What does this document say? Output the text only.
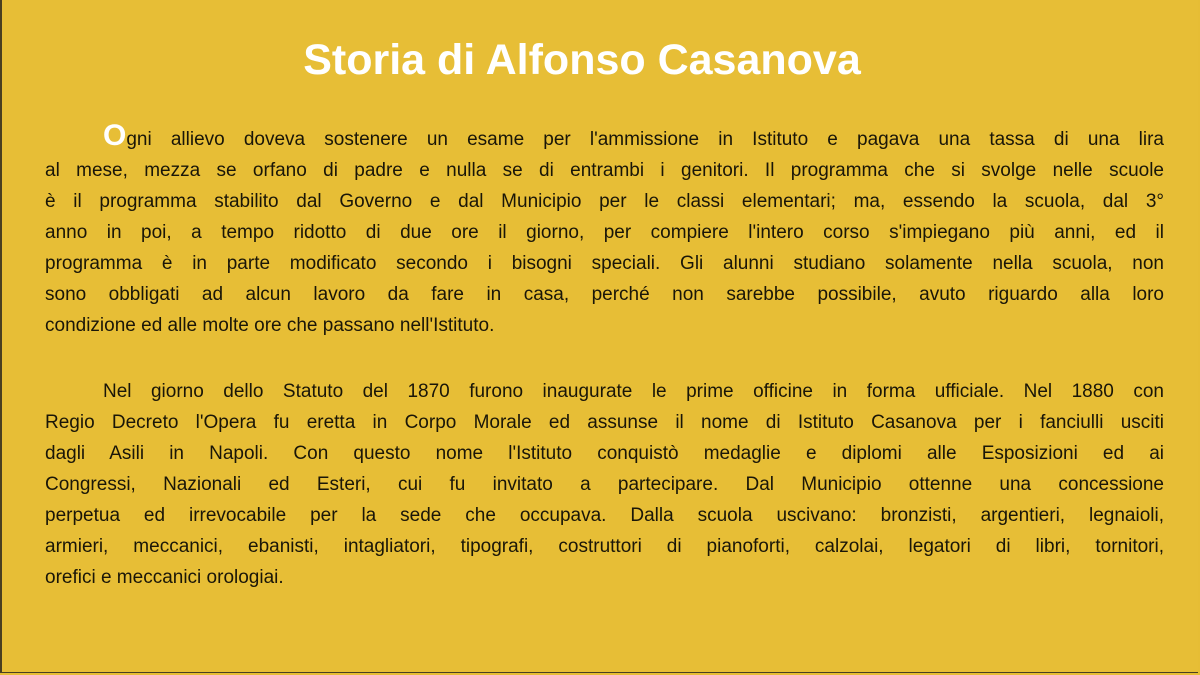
Storia di Alfonso Casanova
Ogni allievo doveva sostenere un esame per l'ammissione in Istituto e pagava una tassa di una lira
al mese, mezza se orfano di padre e nulla se di entrambi i genitori. Il programma che si svolge nelle scuole
è il programma stabilito dal Governo e dal Municipio per le classi elementari; ma, essendo la scuola, dal 3°
anno in poi, a tempo ridotto di due ore il giorno, per compiere l'intero corso s'impiegano più anni, ed il
programma è in parte modificato secondo i bisogni speciali. Gli alunni studiano solamente nella scuola, non
sono obbligati ad alcun lavoro da fare in casa, perché non sarebbe possibile, avuto riguardo alla loro
condizione ed alle molte ore che passano nell'Istituto.
Nel giorno dello Statuto del 1870 furono inaugurate le prime officine in forma ufficiale. Nel 1880 con
Regio Decreto l'Opera fu eretta in Corpo Morale ed assunse il nome di Istituto Casanova per i fanciulli usciti
dagli Asili in Napoli. Con questo nome l'Istituto conquistò medaglie e diplomi alle Esposizioni ed ai
Congressi, Nazionali ed Esteri, cui fu invitato a partecipare. Dal Municipio ottenne una concessione
perpetua ed irrevocabile per la sede che occupava. Dalla scuola uscivano: bronzisti, argentieri, legnaioli,
armieri, meccanici, ebanisti, intagliatori, tipografi, costruttori di pianoforti, calzolai, legatori di libri, tornitori,
orefici e meccanici orologiai.
